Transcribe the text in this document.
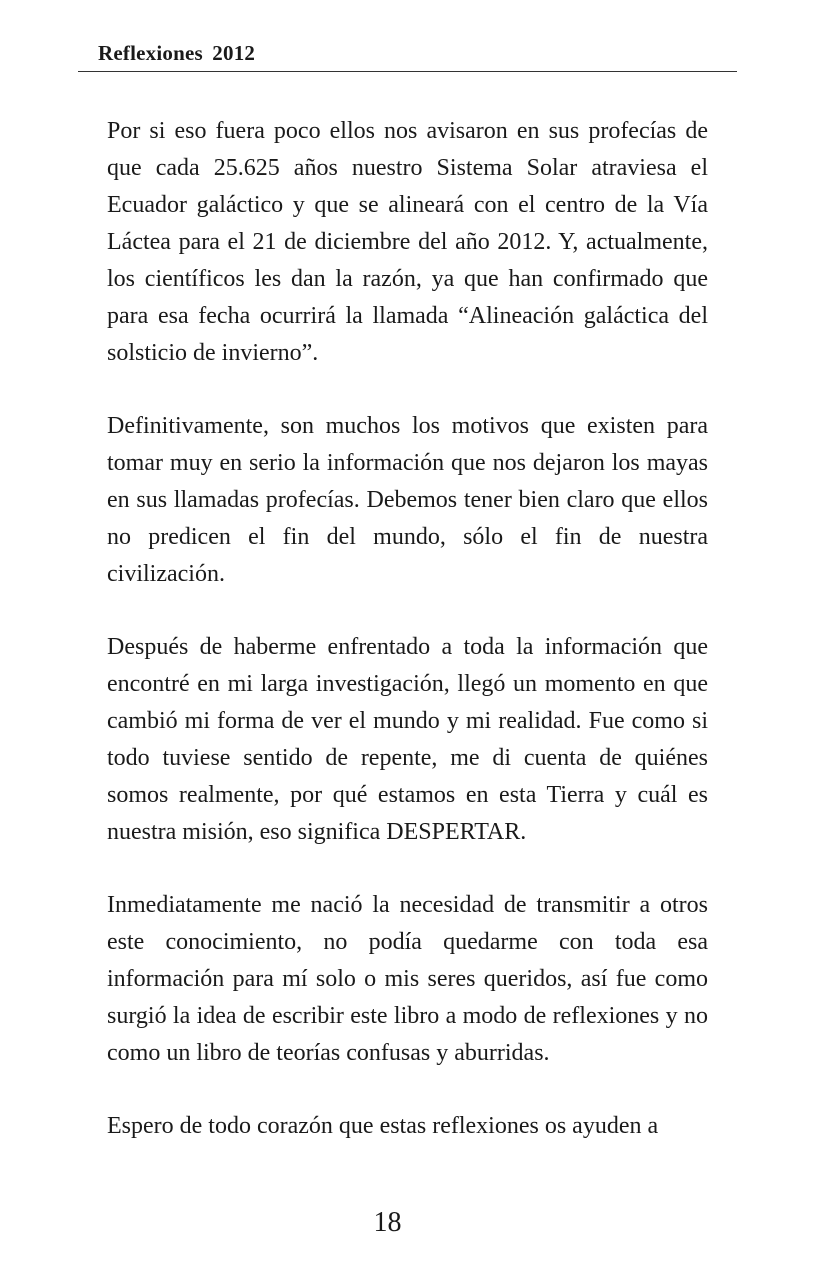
Reflexiones 2012

Por si eso fuera poco ellos nos avisaron en sus profecías de que cada 25.625 años nuestro Sistema Solar atraviesa el Ecuador galáctico y que se alineará con el centro de la Vía Láctea para el 21 de diciembre del año 2012. Y, actualmente, los científicos les dan la razón, ya que han confirmado que para esa fecha ocurrirá la llamada “Alineación galáctica del solsticio de invierno”.

Definitivamente, son muchos los motivos que existen para tomar muy en serio la información que nos dejaron los mayas en sus llamadas profecías. Debemos tener bien claro que ellos no predicen el fin del mundo, sólo el fin de nuestra civilización.

Después de haberme enfrentado a toda la información que encontré en mi larga investigación, llegó un momento en que cambió mi forma de ver el mundo y mi realidad. Fue como si todo tuviese sentido de repente, me di cuenta de quiénes somos realmente, por qué estamos en esta Tierra y cuál es nuestra misión, eso significa DESPERTAR.

Inmediatamente me nació la necesidad de transmitir a otros este conocimiento, no podía quedarme con toda esa información para mí solo o mis seres queridos, así fue como surgió la idea de escribir este libro a modo de reflexiones y no como un libro de teorías confusas y aburridas.

Espero de todo corazón que estas reflexiones os ayuden a

18
